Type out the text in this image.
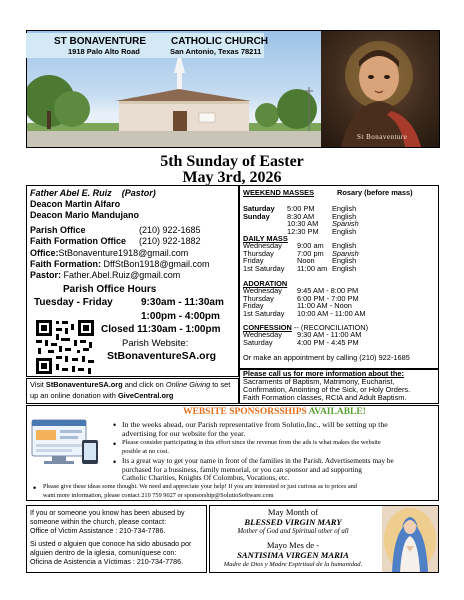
St Bonaventure
ST BONAVENTURE CATHOLIC CHURCH
1918 Palo Alto Road	San Antonio, Texas 78211
5th Sunday of Easter
May 3rd, 2026
Father Abel E. Ruiz (Pastor)
Deacon Martin Alfaro
Deacon Mario Mandujano
Parish Office	(210) 922-1685
Faith Formation Office (210) 922-1882
Office:StBonaventure1918@gmail.com
Faith Formation: DffStBon1918@gmail.com
Pastor: Father.Abel.Ruiz@gmail.com
Parish Office Hours
Tuesday - Friday	9:30am - 11:30am
1:00pm - 4:00pm
Closed 11:30am - 1:00pm
Parish Website:
StBonaventureSA.org
Visit StBonaventureSA.org and click on Online Giving to set
up an online donation with GiveCentral.org
WEEKEND MASSES	Rosary (before mass)
DAILY MASS
ADORATION
CONFESSION -- (RECONCILIATION)
Or make an appointment by calling (210) 922-1685
Please call us for more information about the:
Sacraments of Baptism, Matrimony, Eucharist,
Confirmation, Anointing of the Sick, or Holy Orders.
Faith Formation classes, RCIA and Adult Baptism.
WEBSITE SPONSORSSHIPS AVAILABLE!
• In the weeks ahead, our Parish representative from Solutio,Inc., will be setting up the
advertising for our website for the year.
• Please consider participating in this effort since the revenue from the ads is what makes the website
posible at no cost.
• Its a great way to get your name in front of the families in the Parish. Advertisements may be
purchased for a bussiness, family memorial, or you can sponsor and ad supporting
Catholic Charities, Knights Of Colombus, Vocations, etc.
• Please give these ideas some thought. We need and appreciate your help! If you are interested or just curious as to prices and
want more information, please contact 210 759 9027 or sponsorship@SolutioSoftware.com
If you or someone you know has been abused by
someone within the church, please contact:
Office of Victim Assistance : 210-734-7786.
Si usted o alguien que conoce ha sido abusado por
alguien dentro de la iglesia, comuníquese con:
Oficina de Asistencia a Víctimas : 210-734-7786.
May Month of
BLESSED VIRGIN MARY
Mother of God and Spiritual other of all
Mayo Mes de -
SANTISIMA VIRGEN MARIA
Madre de Dios y Madre Espiritual de la humanidad.
Saturday 5:00 PM English
Sunday 8:30 AM English
10:30 AM Spanish
12:30 PM English
Wednesday 9:00 am English
Thursday	7:00 pm Spanish
Friday	Noon English
1st Saturday 11:00 am English
Wednesday 9:45 AM - 8:00 PM
Thursday	6:00 PM - 7:00 PM
Friday	11:00 AM - Noon
1st Saturday 10:00 AM - 11:00 AM
Wednesday 9:30 AM - 11:00 AM
Saturday	4:00 PM - 4:45 PM
